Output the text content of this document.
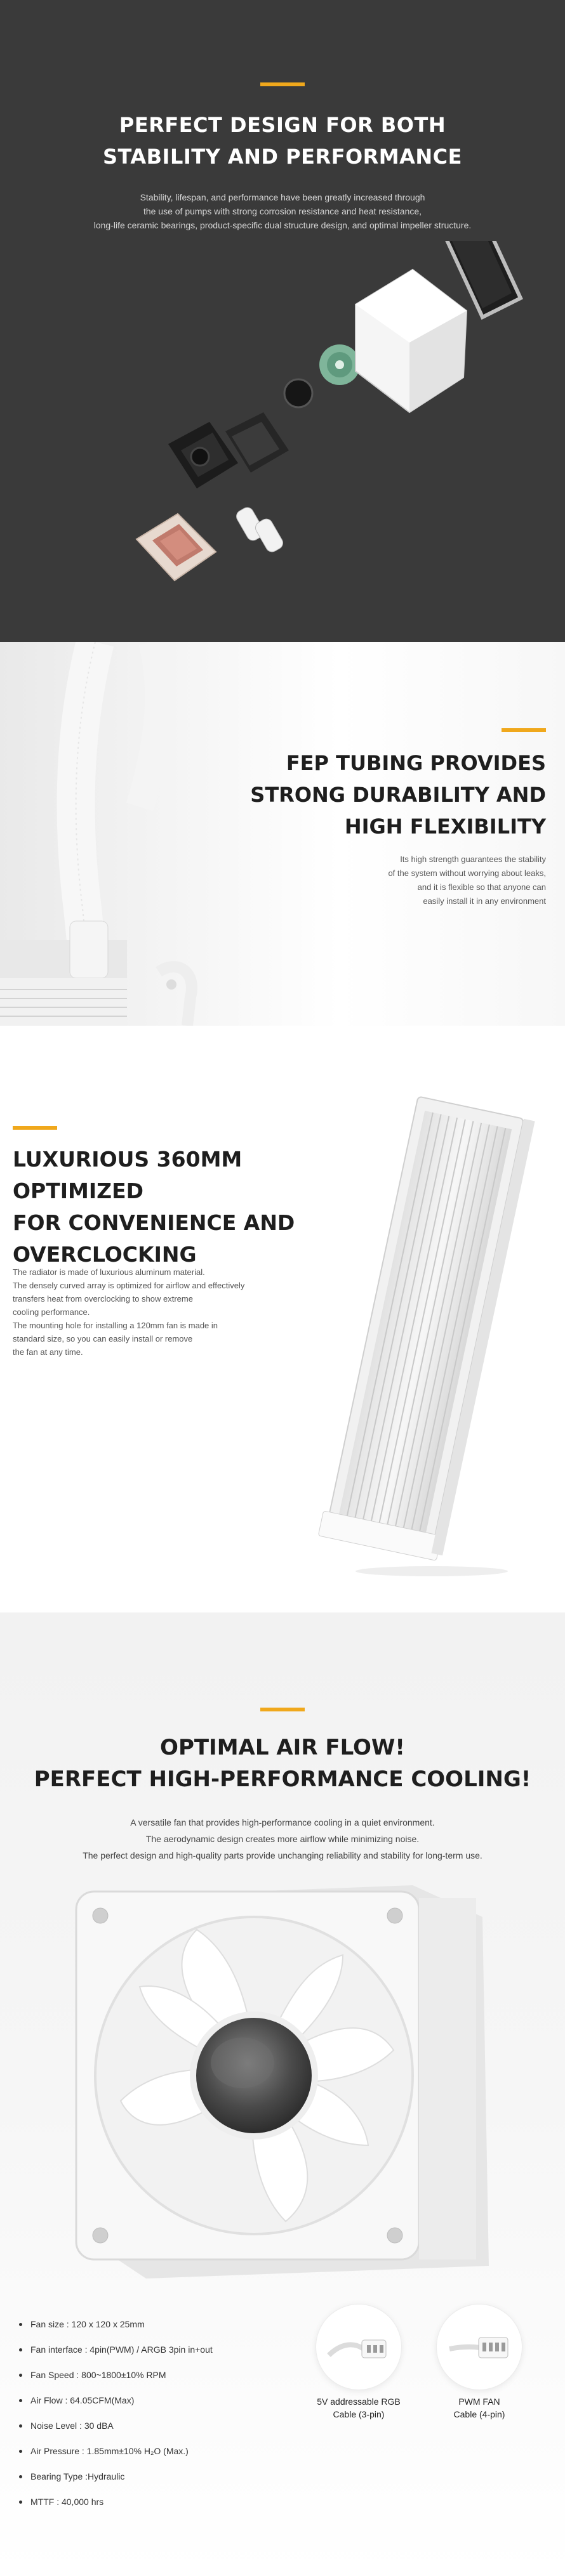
PERFECT DESIGN FOR BOTH
STABILITY AND PERFORMANCE
Stability, lifespan, and performance have been greatly increased through
the use of pumps with strong corrosion resistance and heat resistance,
long-life ceramic bearings, product-specific dual structure design, and optimal impeller structure.
FEP TUBING PROVIDES
STRONG DURABILITY AND
HIGH FLEXIBILITY
Its high strength guarantees the stability
of the system without worrying about leaks,
and it is flexible so that anyone can
easily install it in any environment
LUXURIOUS 360MM OPTIMIZED
FOR CONVENIENCE AND
OVERCLOCKING
The radiator is made of luxurious aluminum material.
The densely curved array is optimized for airflow and effectively
transfers heat from overclocking to show extreme
cooling performance.
The mounting hole for installing a 120mm fan is made in
standard size, so you can easily install or remove
the fan at any time.
OPTIMAL AIR FLOW!
PERFECT HIGH-PERFORMANCE COOLING!
A versatile fan that provides high-performance cooling in a quiet environment.
The aerodynamic design creates more airflow while minimizing noise.
The perfect design and high-quality parts provide unchanging reliability and stability for long-term use.
Fan size : 120 x 120 x 25mm
Fan interface : 4pin(PWM) / ARGB 3pin in+out
Fan Speed : 800~1800±10% RPM
Air Flow : 64.05CFM(Max)
Noise Level : 30 dBA
Air Pressure : 1.85mm±10% H₂O (Max.)
Bearing Type :Hydraulic
MTTF : 40,000 hrs
5V addressable RGB
Cable (3-pin)
PWM FAN
Cable (4-pin)
